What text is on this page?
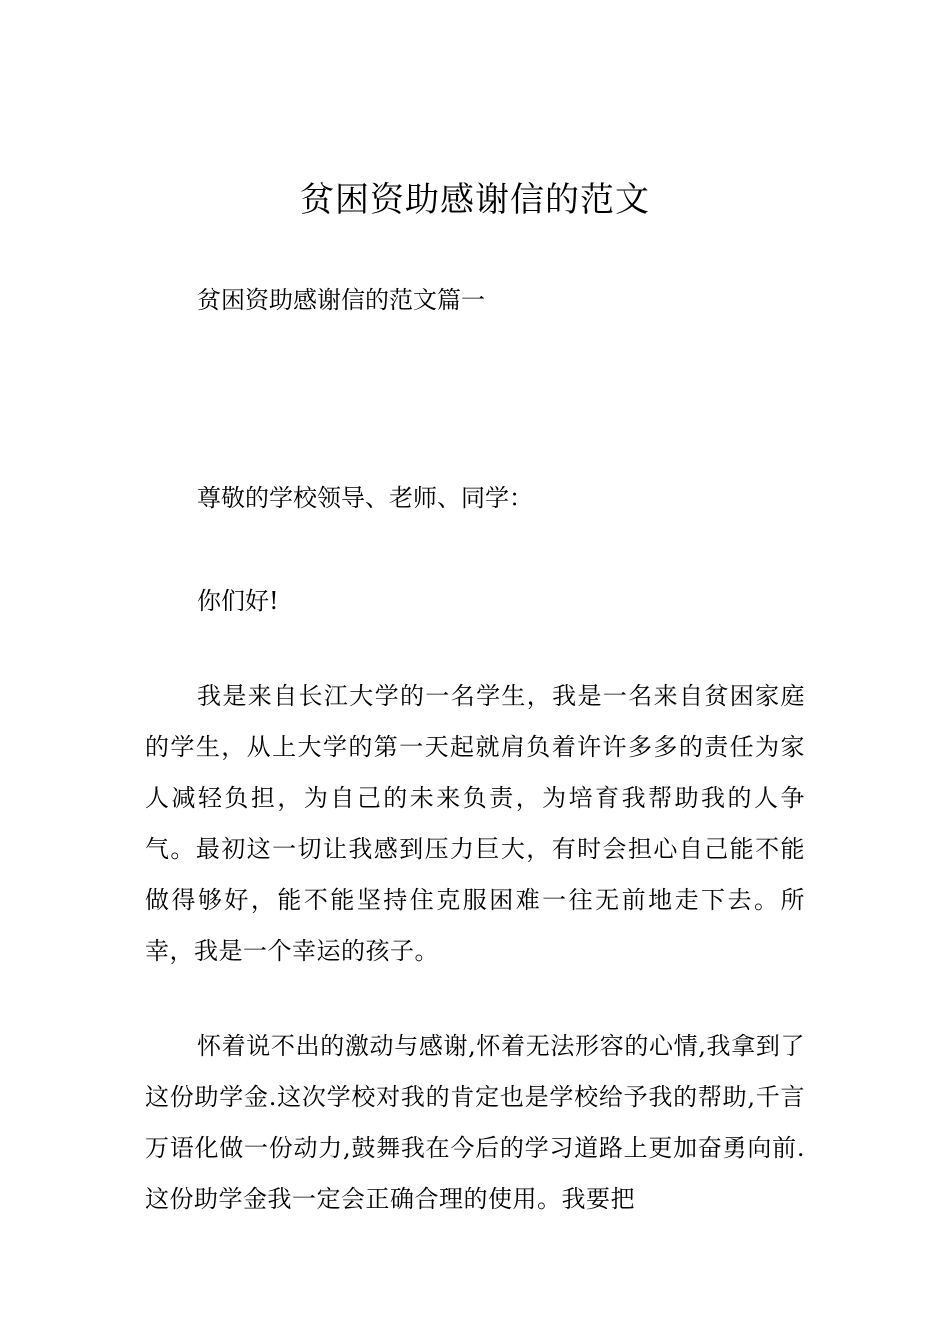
贫困资助感谢信的范文

贫困资助感谢信的范文篇一

尊敬的学校领导、老师、同学：

你们好!

我是来自长江大学的一名学生，我是一名来自贫困家庭的学生，从上大学的第一天起就肩负着许许多多的责任为家人减轻负担，为自己的未来负责，为培育我帮助我的人争气。最初这一切让我感到压力巨大，有时会担心自己能不能做得够好，能不能坚持住克服困难一往无前地走下去。所幸，我是一个幸运的孩子。

怀着说不出的激动与感谢,怀着无法形容的心情,我拿到了这份助学金.这次学校对我的肯定也是学校给予我的帮助,千言万语化做一份动力,鼓舞我在今后的学习道路上更加奋勇向前.这份助学金我一定会正确合理的使用。我要把
